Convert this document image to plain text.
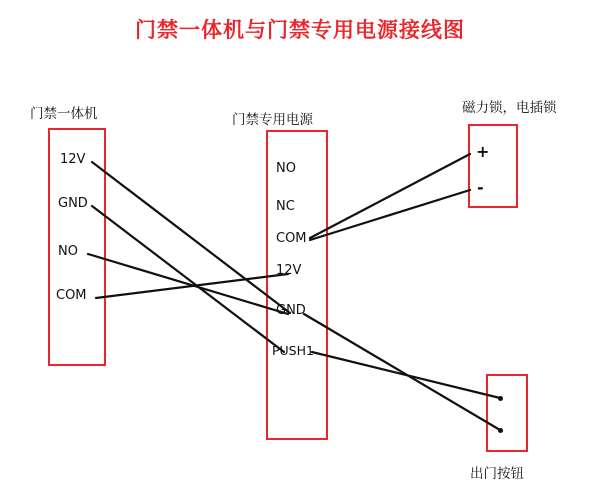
门禁一体机与门禁专用电源接线图
门禁一体机	门禁专用电源
磁力锁，电插锁
出门按钮
12V
GND
NO
COM
NO
NC
COM
12V
GND
PUSH1
+
-
